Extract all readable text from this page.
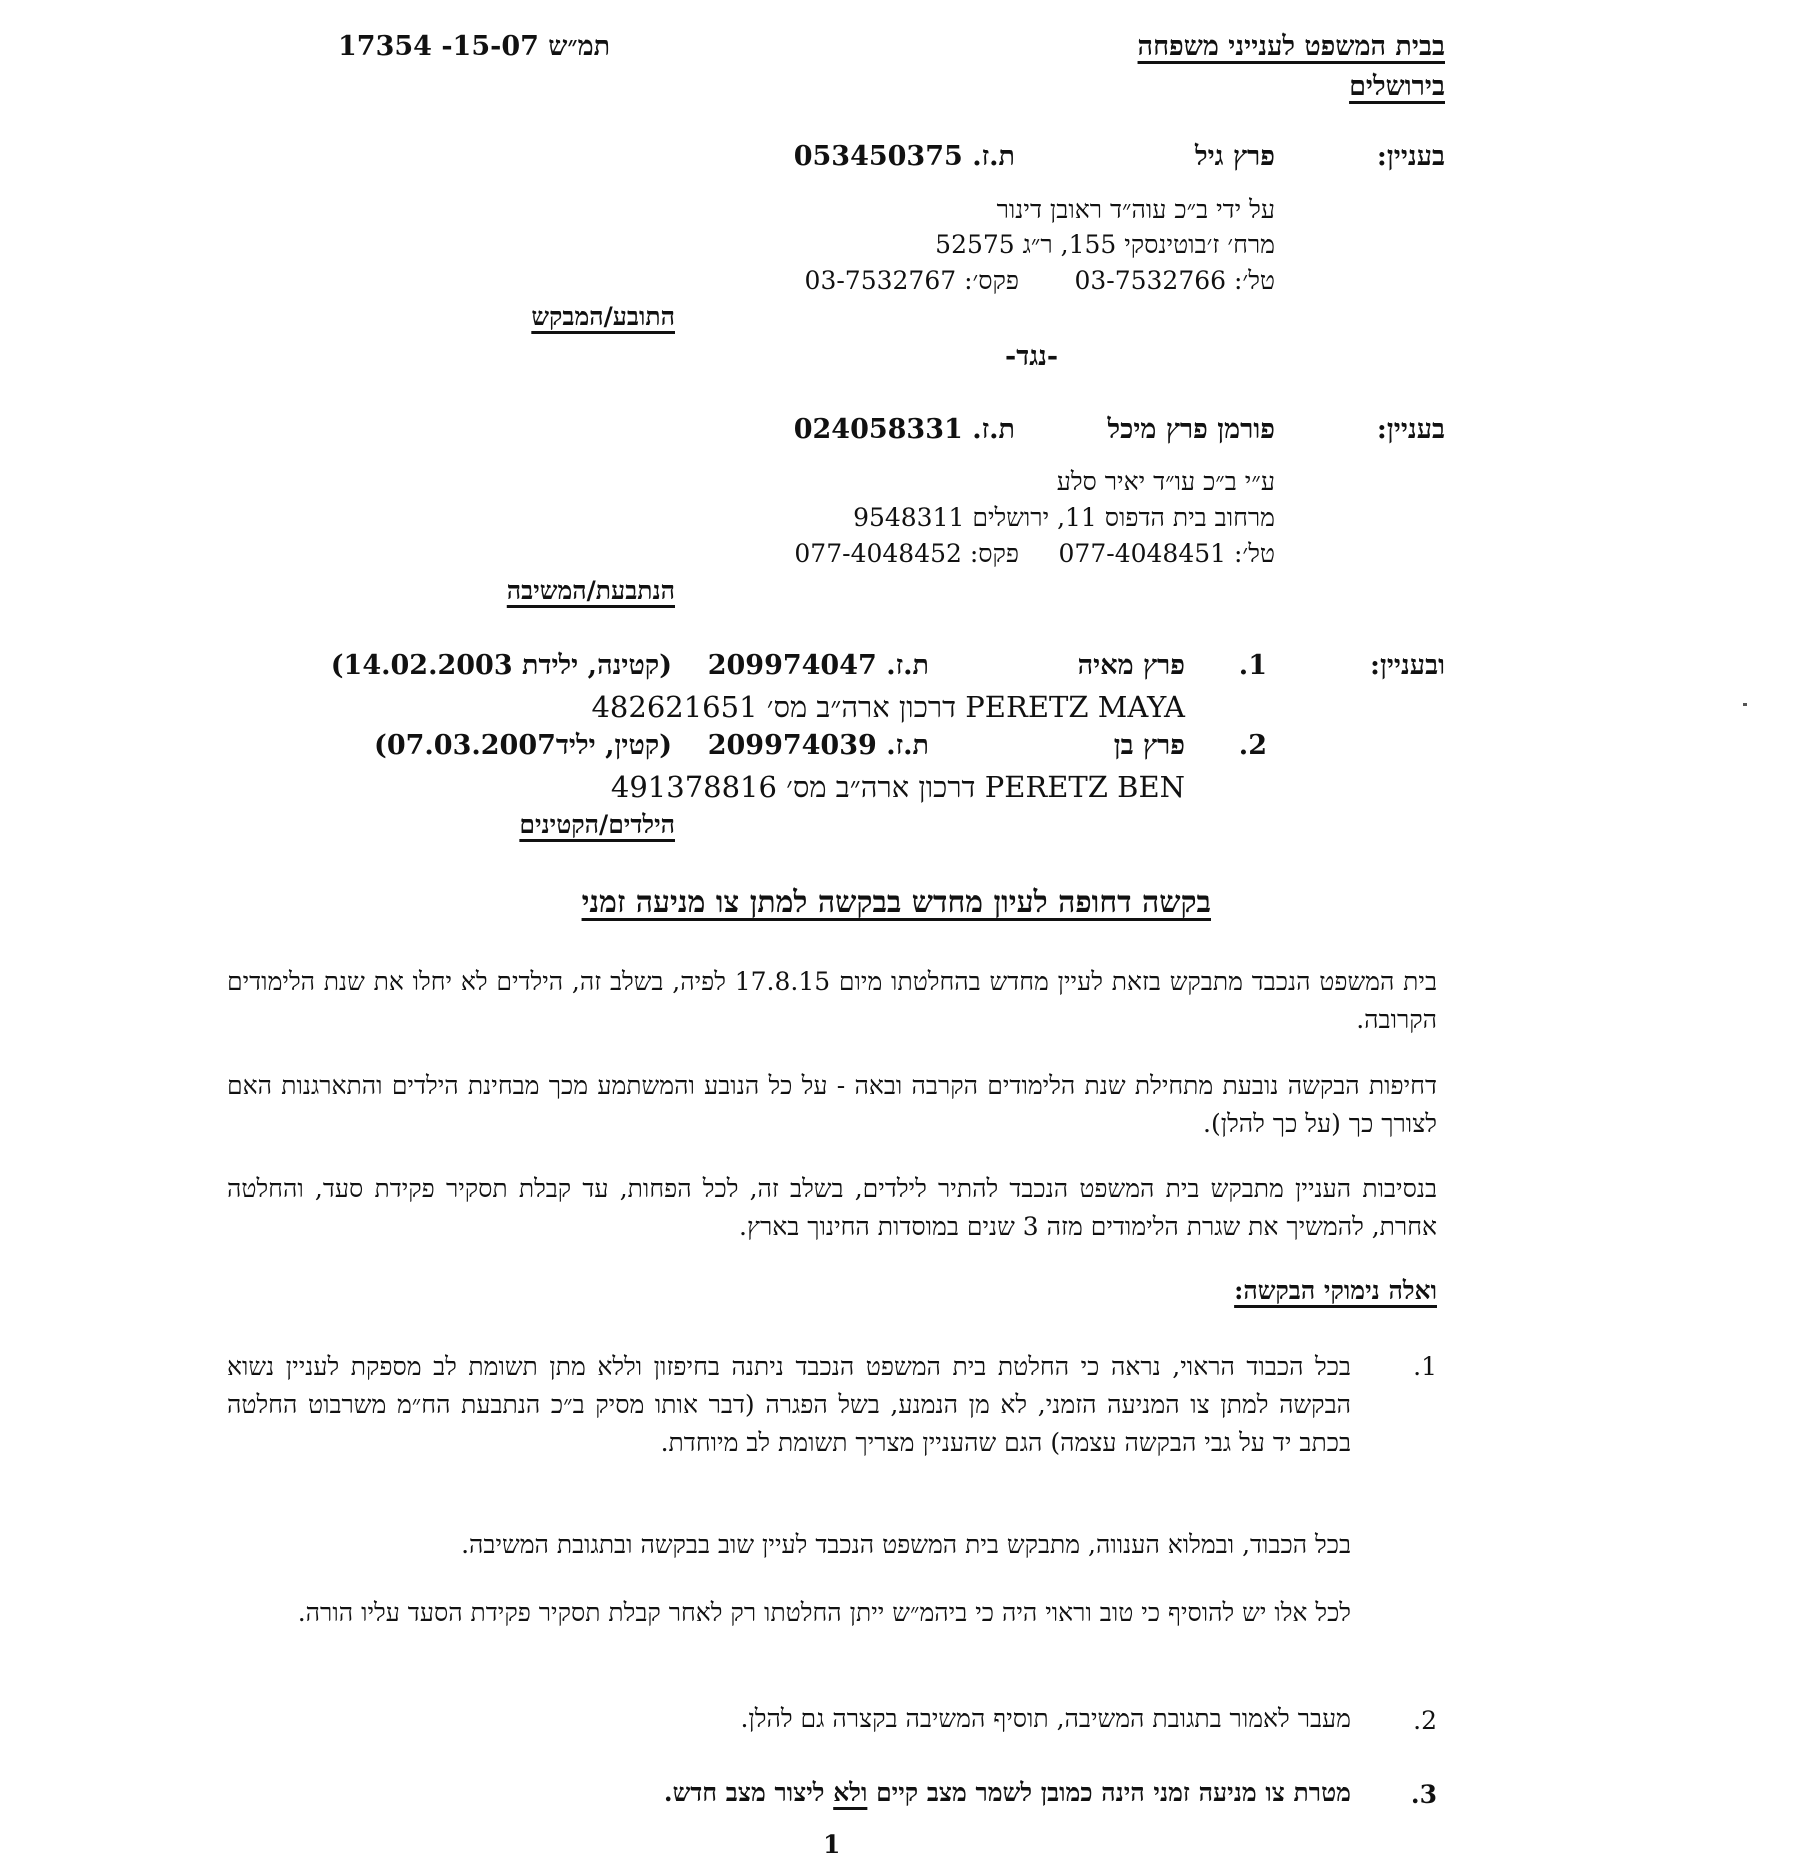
בבית המשפט לענייני משפחה
בירושלים
תמ״ש 15-07- 17354
בעניין:
פרץ גיל
ת.ז. 053450375
על ידי ב״כ עוה״ד ראובן דינור
מרח׳ ז׳בוטינסקי 155, ר״ג 52575
טל׳: 03-7532766
פקס׳: 03-7532767
התובע/המבקש
-נגד-
בעניין:
פורמן פרץ מיכל
ת.ז. 024058331
ע״י ב״כ עו״ד יאיר סלע
מרחוב בית הדפוס 11, ירושלים 9548311
טל׳: 077-4048451
פקס: 077-4048452
הנתבעת/המשיבה
ובעניין:
1.
פרץ מאיה
ת.ז. 209974047
(קטינה, ילידת 14.02.2003)
PERETZ MAYA דרכון ארה״ב מס׳ 482621651
2.
פרץ בן
ת.ז. 209974039
(קטין, יליד07.03.2007)
PERETZ BEN דרכון ארה״ב מס׳ 491378816
הילדים/הקטינים
בקשה דחופה לעיון מחדש בבקשה למתן צו מניעה זמני
בית המשפט הנכבד מתבקש בזאת לעיין מחדש בהחלטתו מיום 17.8.15 לפיה, בשלב זה, הילדים לא יחלו את שנת הלימודים הקרובה.
דחיפות הבקשה נובעת מתחילת שנת הלימודים הקרבה ובאה - על כל הנובע והמשתמע מכך מבחינת הילדים והתארגנות האם לצורך כך (על כך להלן).
בנסיבות העניין מתבקש בית המשפט הנכבד להתיר לילדים, בשלב זה, לכל הפחות, עד קבלת תסקיר פקידת סעד, והחלטה אחרת, להמשיך את שגרת הלימודים מזה 3 שנים במוסדות החינוך בארץ.
ואלה נימוקי הבקשה:
1.
בכל הכבוד הראוי, נראה כי החלטת בית המשפט הנכבד ניתנה בחיפזון וללא מתן תשומת לב מספקת לעניין נשוא הבקשה למתן צו המניעה הזמני, לא מן הנמנע, בשל הפגרה (דבר אותו מסיק ב״כ הנתבעת הח״מ משרבוט החלטה בכתב יד על גבי הבקשה עצמה) הגם שהעניין מצריך תשומת לב מיוחדת.
בכל הכבוד, ובמלוא הענווה, מתבקש בית המשפט הנכבד לעיין שוב בבקשה ובתגובת המשיבה.
לכל אלו יש להוסיף כי טוב וראוי היה כי ביהמ״ש ייתן החלטתו רק לאחר קבלת תסקיר פקידת הסעד עליו הורה.
2.
מעבר לאמור בתגובת המשיבה, תוסיף המשיבה בקצרה גם להלן.
3.
מטרת צו מניעה זמני הינה כמובן לשמר מצב קיים ולא ליצור מצב חדש.
1
